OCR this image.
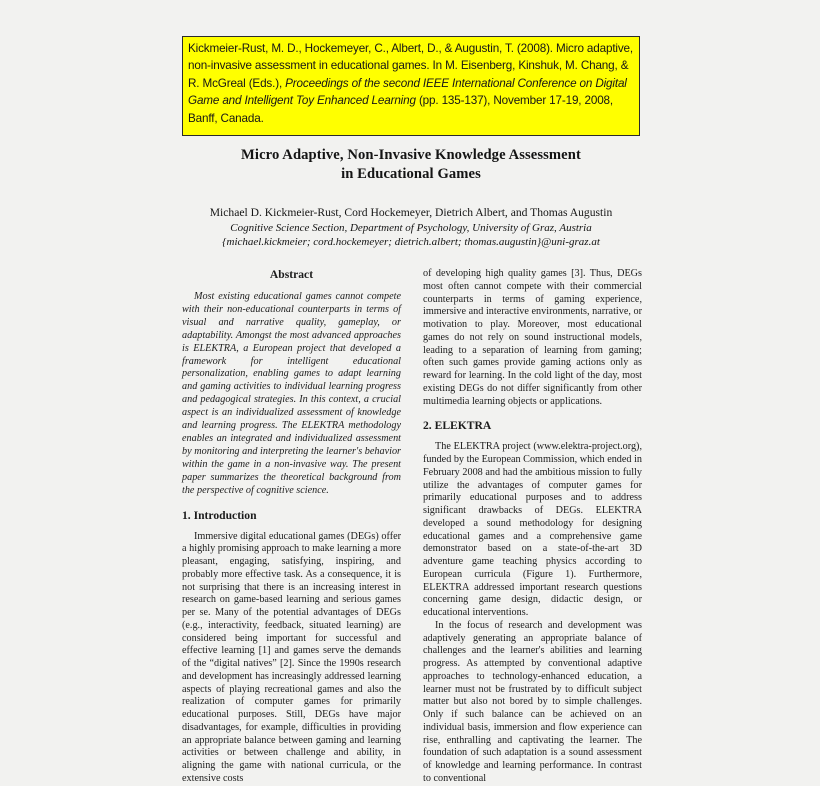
Kickmeier-Rust, M. D., Hockemeyer, C., Albert, D., & Augustin, T. (2008). Micro adaptive, non-invasive assessment in educational games. In M. Eisenberg, Kinshuk, M. Chang, & R. McGreal (Eds.), Proceedings of the second IEEE International Conference on Digital Game and Intelligent Toy Enhanced Learning (pp. 135-137), November 17-19, 2008, Banff, Canada.
Micro Adaptive, Non-Invasive Knowledge Assessment
in Educational Games
Michael D. Kickmeier-Rust, Cord Hockemeyer, Dietrich Albert, and Thomas Augustin
Cognitive Science Section, Department of Psychology, University of Graz, Austria
{michael.kickmeier; cord.hockemeyer; dietrich.albert; thomas.augustin}@uni-graz.at
Abstract

Most existing educational games cannot compete with their non-educational counterparts in terms of visual and narrative quality, gameplay, or adaptability. Amongst the most advanced approaches is ELEKTRA, a European project that developed a framework for intelligent educational personalization, enabling games to adapt learning and gaming activities to individual learning progress and pedagogical strategies. In this context, a crucial aspect is an individualized assessment of knowledge and learning progress. The ELEKTRA methodology enables an integrated and individualized assessment by monitoring and interpreting the learner's behavior within the game in a non-invasive way. The present paper summarizes the theoretical background from the perspective of cognitive science.

1. Introduction

Immersive digital educational games (DEGs) offer a highly promising approach to make learning a more pleasant, engaging, satisfying, inspiring, and probably more effective task. As a consequence, it is not surprising that there is an increasing interest in research on game-based learning and serious games per se. Many of the potential advantages of DEGs (e.g., interactivity, feedback, situated learning) are considered being important for successful and effective learning [1] and games serve the demands of the “digital natives” [2]. Since the 1990s research and development has increasingly addressed learning aspects of playing recreational games and also the realization of computer games for primarily educational purposes. Still, DEGs have major disadvantages, for example, difficulties in providing an appropriate balance between gaming and learning activities or between challenge and ability, in aligning the game with national curricula, or the extensive costs

of developing high quality games [3]. Thus, DEGs most often cannot compete with their commercial counterparts in terms of gaming experience, immersive and interactive environments, narrative, or motivation to play. Moreover, most educational games do not rely on sound instructional models, leading to a separation of learning from gaming; often such games provide gaming actions only as reward for learning. In the cold light of the day, most existing DEGs do not differ significantly from other multimedia learning objects or applications.

2. ELEKTRA

The ELEKTRA project (www.elektra-project.org), funded by the European Commission, which ended in February 2008 and had the ambitious mission to fully utilize the advantages of computer games for primarily educational purposes and to address significant drawbacks of DEGs. ELEKTRA developed a sound methodology for designing educational games and a comprehensive game demonstrator based on a state-of-the-art 3D adventure game teaching physics according to European curricula (Figure 1). Furthermore, ELEKTRA addressed important research questions concerning game design, didactic design, or educational interventions.

In the focus of research and development was adaptively generating an appropriate balance of challenges and the learner's abilities and learning progress. As attempted by conventional adaptive approaches to technology-enhanced education, a learner must not be frustrated by to difficult subject matter but also not bored by to simple challenges. Only if such balance can be achieved on an individual basis, immersion and flow experience can rise, enthralling and captivating the learner. The foundation of such adaptation is a sound assessment of knowledge and learning performance. In contrast to conventional
